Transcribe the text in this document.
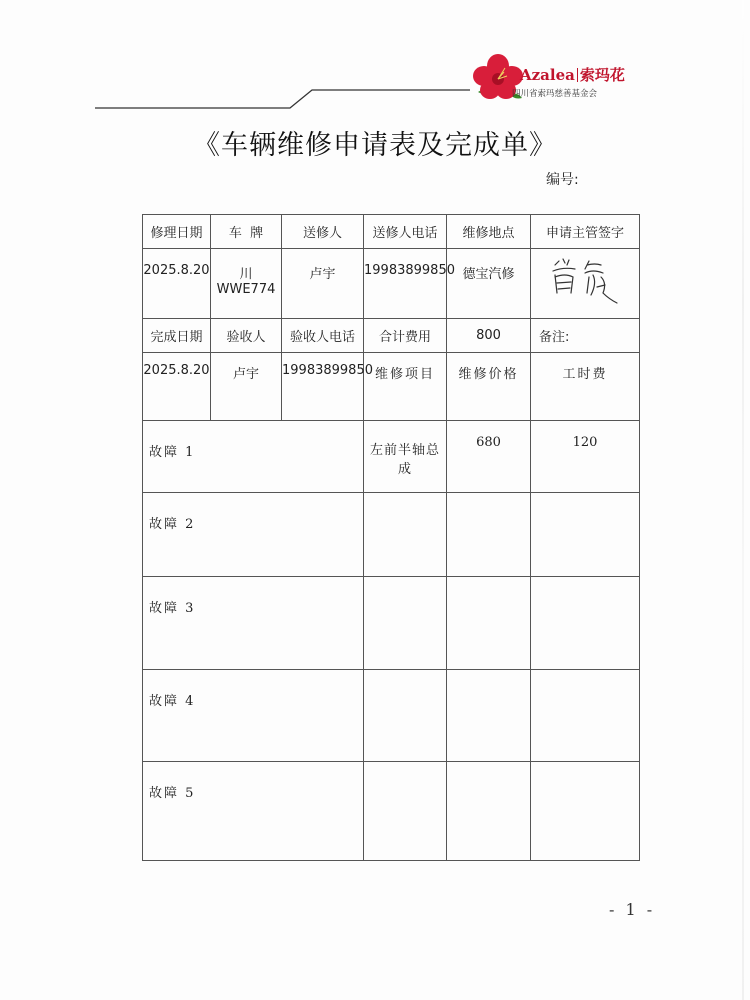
Azalea 索玛花
四川省索玛慈善基金会
《车辆维修申请表及完成单》
编号:
修理日期	车  牌	送修人	送修人电话	维修地点	申请主管签字
2025.8.20	川 WWE774	卢宇	19983899850	德宝汽修	
完成日期	验收人	验收人电话	合计费用	800	备注:
2025.8.20	卢宇	19983899850	维修项目	维修价格	工时费
故障 1			左前半轴总成	680	120
故障 2					
故障 3					
故障 4					
故障 5					
- 1 -
